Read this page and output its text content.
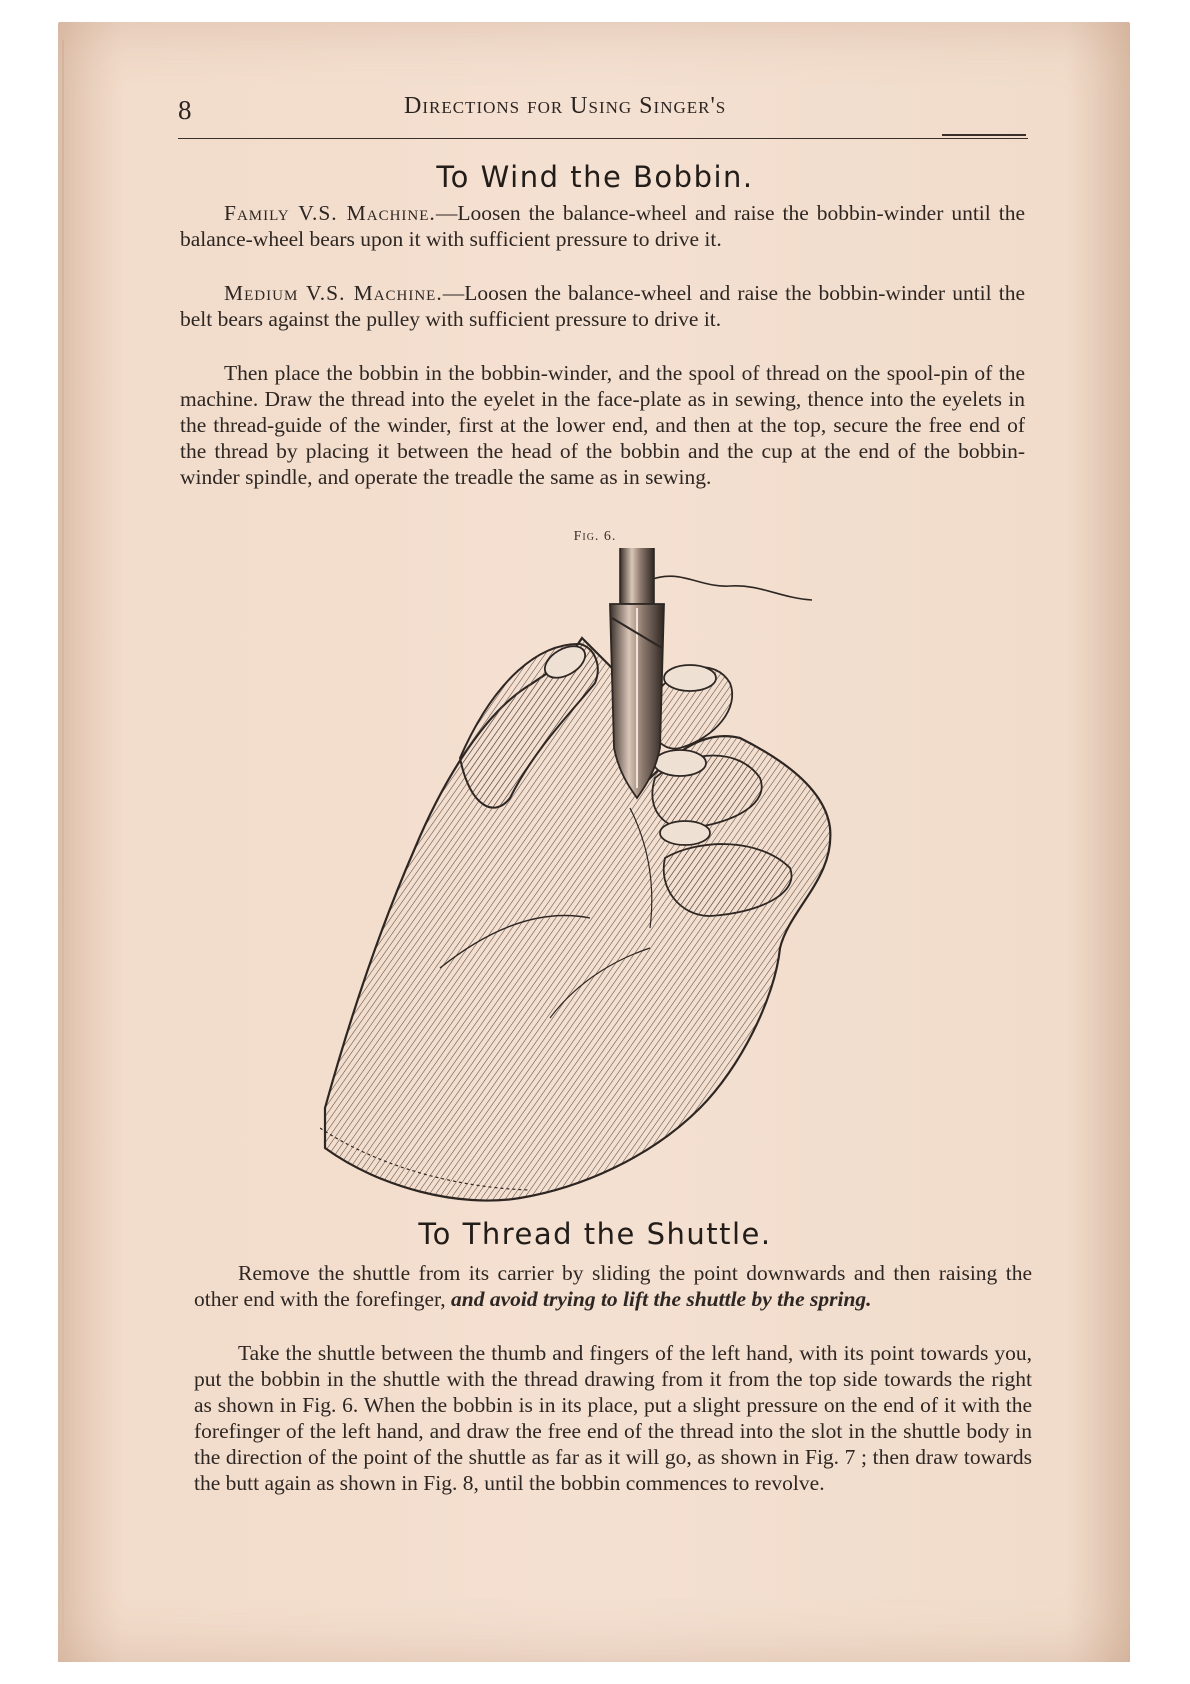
8	Directions for Using Singer's
To Wind the Bobbin.

Family V.S. Machine.—Loosen the balance-wheel and raise the bobbin-winder until the balance-wheel bears upon it with sufficient pressure to drive it.

Medium V.S. Machine.—Loosen the balance-wheel and raise the bobbin-winder until the belt bears against the pulley with sufficient pressure to drive it.

Then place the bobbin in the bobbin-winder, and the spool of thread on the spool-pin of the machine. Draw the thread into the eyelet in the face-plate as in sewing, thence into the eyelets in the thread-guide of the winder, first at the lower end, and then at the top, secure the free end of the thread by placing it between the head of the bobbin and the cup at the end of the bobbin-winder spindle, and operate the treadle the same as in sewing.

Fig. 6.
To Thread the Shuttle.

Remove the shuttle from its carrier by sliding the point downwards and then raising the other end with the forefinger, and avoid trying to lift the shuttle by the spring.

Take the shuttle between the thumb and fingers of the left hand, with its point towards you, put the bobbin in the shuttle with the thread drawing from it from the top side towards the right as shown in Fig. 6. When the bobbin is in its place, put a slight pressure on the end of it with the forefinger of the left hand, and draw the free end of the thread into the slot in the shuttle body in the direction of the point of the shuttle as far as it will go, as shown in Fig. 7 ; then draw towards the butt again as shown in Fig. 8, until the bobbin commences to revolve.
